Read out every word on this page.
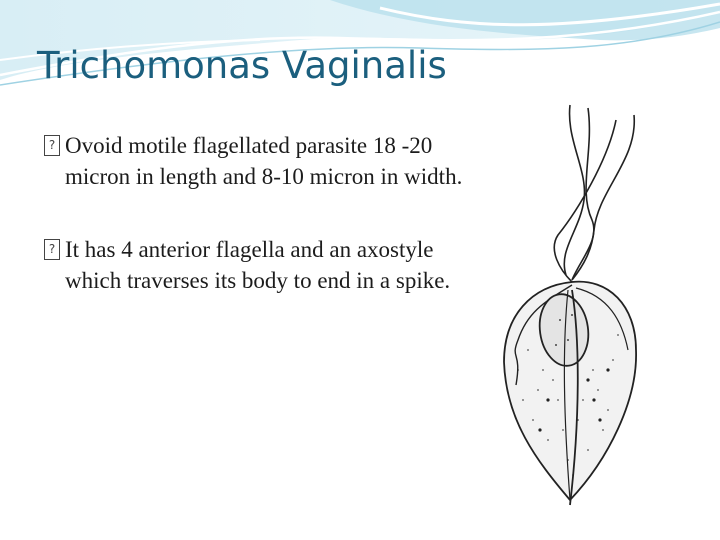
Trichomonas Vaginalis
? Ovoid motile flagellated parasite 18 -20 micron in length and 8-10 micron in width.
? It has 4 anterior flagella and an axostyle which traverses its body to end in a spike.
